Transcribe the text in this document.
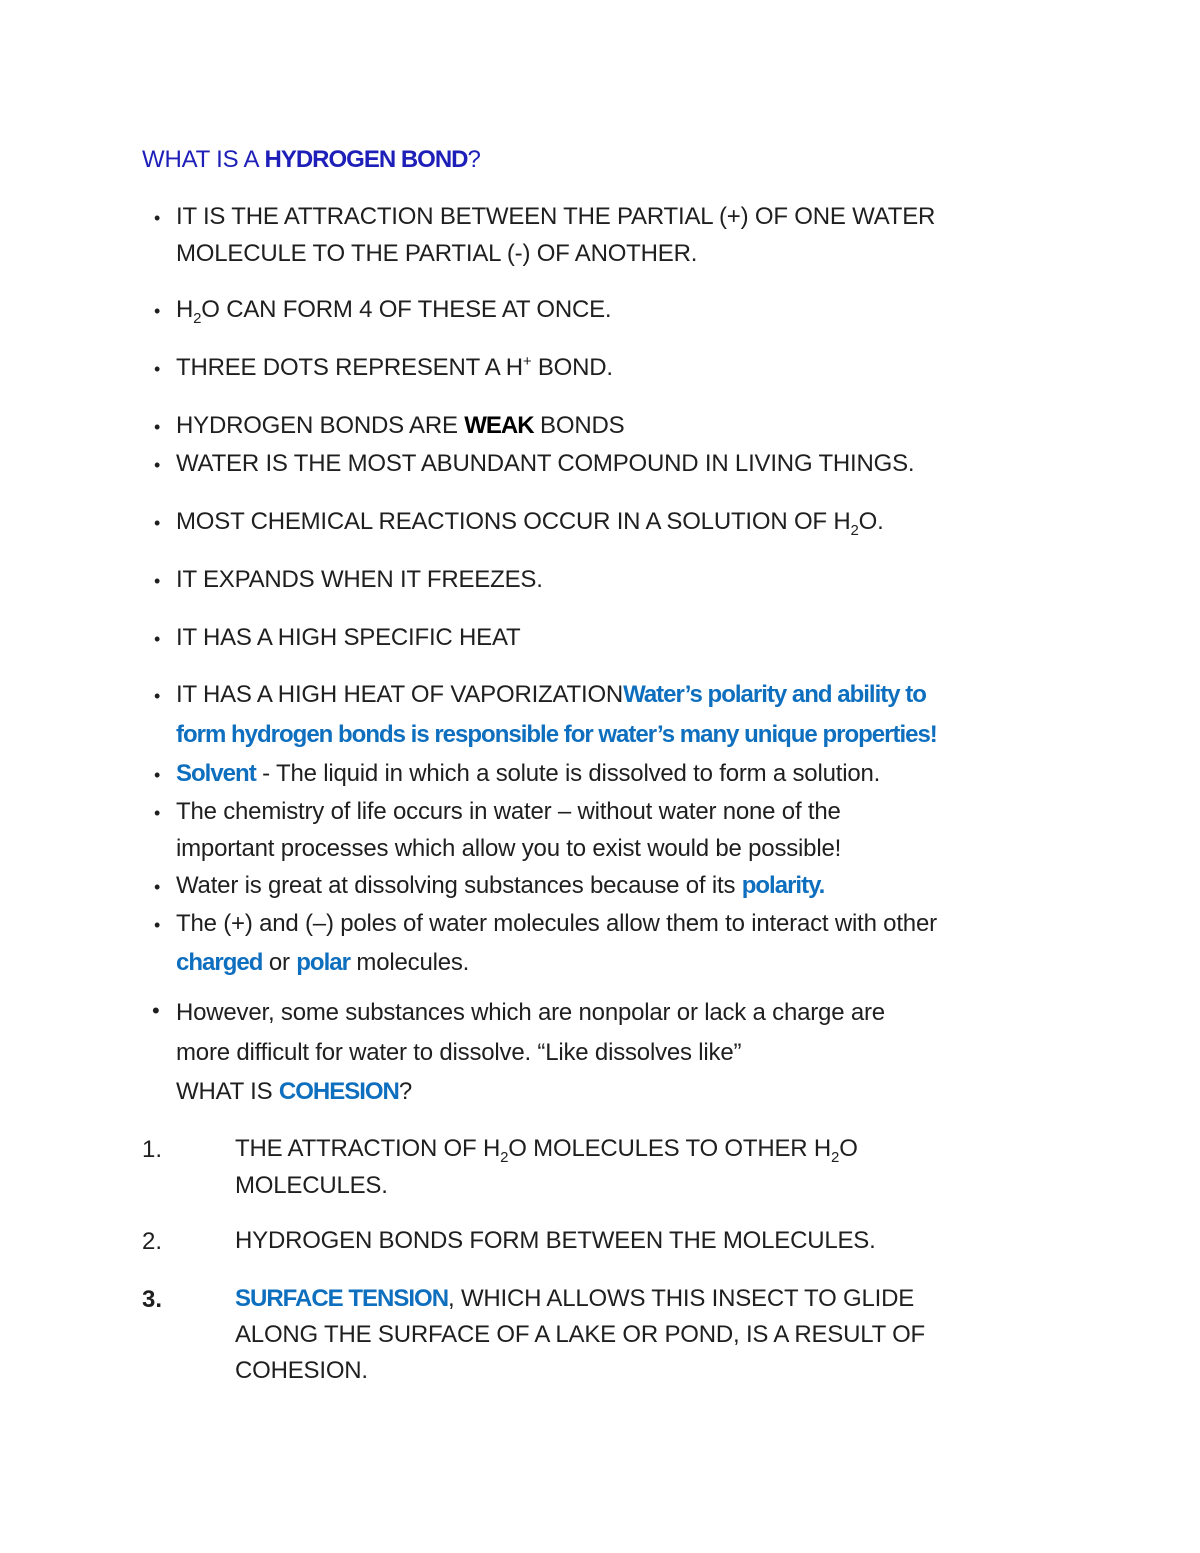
WHAT IS A HYDROGEN BOND?
• IT IS THE ATTRACTION BETWEEN THE PARTIAL (+) OF ONE WATER
MOLECULE TO THE PARTIAL (-) OF ANOTHER.
• $H_2O$ CAN FORM 4 OF THESE AT ONCE.
• THREE DOTS REPRESENT A H+ BOND.
• HYDROGEN BONDS ARE WEAK BONDS
• WATER IS THE MOST ABUNDANT COMPOUND IN LIVING THINGS.
• MOST CHEMICAL REACTIONS OCCUR IN A SOLUTION OF $H_2O$.
• IT EXPANDS WHEN IT FREEZES.
• IT HAS A HIGH SPECIFIC HEAT
• IT HAS A HIGH HEAT OF VAPORIZATIONWater’s polarity and ability to
form hydrogen bonds is responsible for water’s many unique properties!
• Solvent - The liquid in which a solute is dissolved to form a solution.
• The chemistry of life occurs in water – without water none of the
important processes which allow you to exist would be possible!
• Water is great at dissolving substances because of its polarity.
• The (+) and (–) poles of water molecules allow them to interact with other
charged or polar molecules.
• However, some substances which are nonpolar or lack a charge are
more difficult for water to dissolve. “Like dissolves like”
WHAT IS COHESION?
1.	THE ATTRACTION OF $H_2O$ MOLECULES TO OTHER $H_2O$
MOLECULES.
2.	HYDROGEN BONDS FORM BETWEEN THE MOLECULES.
3.	SURFACE TENSION, WHICH ALLOWS THIS INSECT TO GLIDE
ALONG THE SURFACE OF A LAKE OR POND, IS A RESULT OF
COHESION.
